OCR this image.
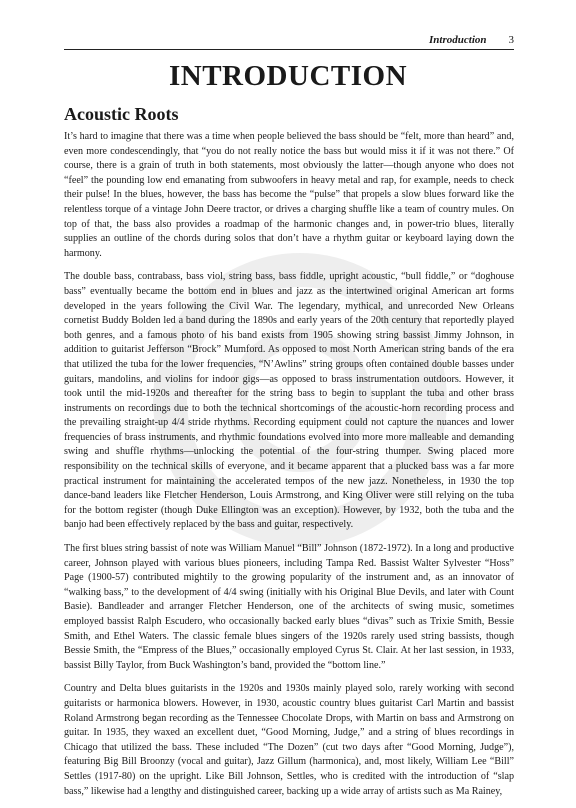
Introduction 3
INTRODUCTION
Acoustic Roots

It’s hard to imagine that there was a time when people believed the bass should be “felt, more than heard” and, even more condescendingly, that “you do not really notice the bass but would miss it if it was not there.” Of course, there is a grain of truth in both statements, most obviously the latter—though anyone who does not “feel” the pounding low end emanating from subwoofers in heavy metal and rap, for example, needs to check their pulse! In the blues, however, the bass has become the “pulse” that propels a slow blues forward like the relentless torque of a vintage John Deere tractor, or drives a charging shuffle like a team of country mules. On top of that, the bass also provides a roadmap of the harmonic changes and, in power-trio blues, literally supplies an outline of the chords during solos that don’t have a rhythm guitar or keyboard laying down the harmony.

The double bass, contrabass, bass viol, string bass, bass fiddle, upright acoustic, “bull fiddle,” or “doghouse bass” eventually became the bottom end in blues and jazz as the intertwined original American art forms developed in the years following the Civil War. The legendary, mythical, and unrecorded New Orleans cornetist Buddy Bolden led a band during the 1890s and early years of the 20th century that reportedly played both genres, and a famous photo of his band exists from 1905 showing string bassist Jimmy Johnson, in addition to guitarist Jefferson “Brock” Mumford. As opposed to most North American string bands of the era that utilized the tuba for the lower frequencies, “N’Awlins” string groups often contained double basses under guitars, mandolins, and violins for indoor gigs—as opposed to brass instrumentation outdoors. However, it took until the mid-1920s and thereafter for the string bass to begin to supplant the tuba and other brass instruments on recordings due to both the technical shortcomings of the acoustic-horn recording process and the prevailing straight-up 4/4 stride rhythms. Recording equipment could not capture the nuances and lower frequencies of brass instruments, and rhythmic foundations evolved into more more malleable and demanding swing and shuffle rhythms—unlocking the potential of the four-string thumper. Swing placed more responsibility on the technical skills of everyone, and it became apparent that a plucked bass was a far more practical instrument for maintaining the accelerated tempos of the new jazz. Nonetheless, in 1930 the top dance-band leaders like Fletcher Henderson, Louis Armstrong, and King Oliver were still relying on the tuba for the bottom register (though Duke Ellington was an exception). However, by 1932, both the tuba and the banjo had been effectively replaced by the bass and guitar, respectively.

The first blues string bassist of note was William Manuel “Bill” Johnson (1872-1972). In a long and productive career, Johnson played with various blues pioneers, including Tampa Red. Bassist Walter Sylvester “Hoss” Page (1900-57) contributed mightily to the growing popularity of the instrument and, as an innovator of “walking bass,” to the development of 4/4 swing (initially with his Original Blue Devils, and later with Count Basie). Bandleader and arranger Fletcher Henderson, one of the architects of swing music, sometimes employed bassist Ralph Escudero, who occasionally backed early blues “divas” such as Trixie Smith, Bessie Smith, and Ethel Waters. The classic female blues singers of the 1920s rarely used string bassists, though Bessie Smith, the “Empress of the Blues,” occasionally employed Cyrus St. Clair. At her last session, in 1933, bassist Billy Taylor, from Buck Washington’s band, provided the “bottom line.”

Country and Delta blues guitarists in the 1920s and 1930s mainly played solo, rarely working with second guitarists or harmonica blowers. However, in 1930, acoustic country blues guitarist Carl Martin and bassist Roland Armstrong began recording as the Tennessee Chocolate Drops, with Martin on bass and Armstrong on guitar. In 1935, they waxed an excellent duet, “Good Morning, Judge,” and a string of blues recordings in Chicago that utilized the bass. These included “The Dozen” (cut two days after “Good Morning, Judge”), featuring Big Bill Broonzy (vocal and guitar), Jazz Gillum (harmonica), and, most likely, William Lee “Bill” Settles (1917-80) on the upright. Like Bill Johnson, Settles, who is credited with the introduction of “slap bass,” likewise had a lengthy and distinguished career, backing up a wide array of artists such as Ma Rainey,
